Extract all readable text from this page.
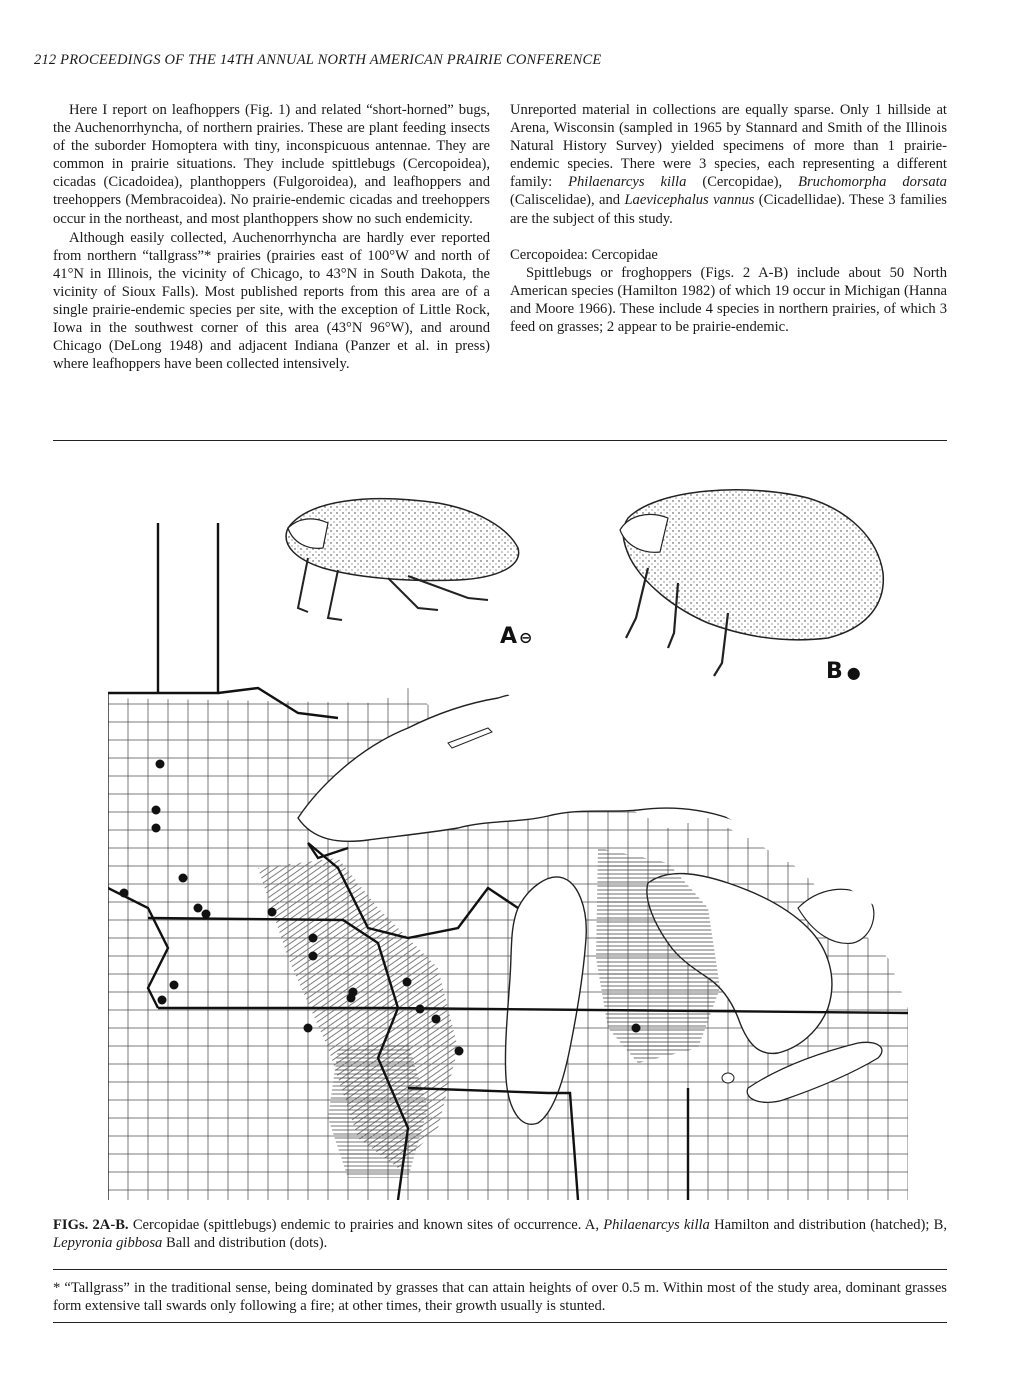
212 PROCEEDINGS OF THE 14TH ANNUAL NORTH AMERICAN PRAIRIE CONFERENCE

Here I report on leafhoppers (Fig. 1) and related “short-horned” bugs, the Auchenorrhyncha, of northern prairies. These are plant feeding insects of the suborder Homoptera with tiny, inconspicuous antennae. They are common in prairie situations. They include spittlebugs (Cercopoidea), cicadas (Cicadoidea), planthoppers (Fulgoroidea), and leafhoppers and treehoppers (Membracoidea). No prairie-endemic cicadas and treehoppers occur in the northeast, and most planthoppers show no such endemicity.

Although easily collected, Auchenorrhyncha are hardly ever reported from northern “tallgrass”* prairies (prairies east of 100°W and north of 41°N in Illinois, the vicinity of Chicago, to 43°N in South Dakota, the vicinity of Sioux Falls). Most published reports from this area are of a single prairie-endemic species per site, with the exception of Little Rock, Iowa in the southwest corner of this area (43°N 96°W), and around Chicago (DeLong 1948) and adjacent Indiana (Panzer et al. in press) where leafhoppers have been collected intensively.

Unreported material in collections are equally sparse. Only 1 hillside at Arena, Wisconsin (sampled in 1965 by Stannard and Smith of the Illinois Natural History Survey) yielded specimens of more than 1 prairie-endemic species. There were 3 species, each representing a different family: Philaenarcys killa (Cercopidae), Bruchomorpha dorsata (Caliscelidae), and Laevicephalus vannus (Cicadellidae). These 3 families are the subject of this study.

Cercopoidea: Cercopidae

Spittlebugs or froghoppers (Figs. 2 A-B) include about 50 North American species (Hamilton 1982) of which 19 occur in Michigan (Hanna and Moore 1966). These include 4 species in northern prairies, of which 3 feed on grasses; 2 appear to be prairie-endemic.

A ⊖
B ●
FIGs. 2A-B. Cercopidae (spittlebugs) endemic to prairies and known sites of occurrence. A, Philaenarcys killa Hamilton and distribution (hatched); B, Lepyronia gibbosa Ball and distribution (dots).
* “Tallgrass” in the traditional sense, being dominated by grasses that can attain heights of over 0.5 m. Within most of the study area, dominant grasses form extensive tall swards only following a fire; at other times, their growth usually is stunted.
